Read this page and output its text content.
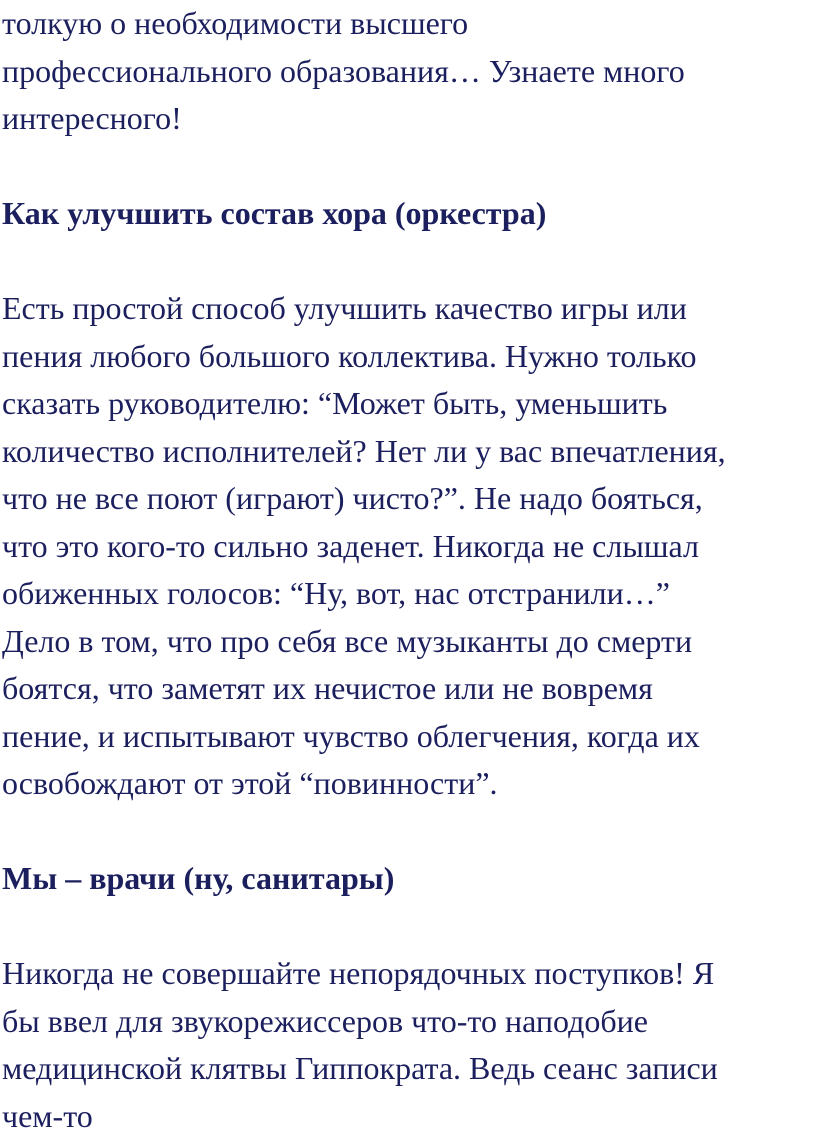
толкую о необходимости высшего
профессионального образования… Узнаете много
интересного!
Как улучшить состав хора (оркестра)
Есть простой способ улучшить качество игры или
пения любого большого коллектива. Нужно только
сказать руководителю: “Может быть, уменьшить
количество исполнителей? Нет ли у вас впечатления,
что не все поют (играют) чисто?”. Не надо бояться,
что это кого-то сильно заденет. Никогда не слышал
обиженных голосов: “Ну, вот, нас отстранили…”
Дело в том, что про себя все музыканты до смерти
боятся, что заметят их нечистое или не вовремя
пение, и испытывают чувство облегчения, когда их
освобождают от этой “повинности”.
Мы – врачи (ну, санитары)
Никогда не совершайте непорядочных поступков! Я
бы ввел для звукорежиссеров что-то наподобие
медицинской клятвы Гиппократа. Ведь сеанс записи
чем-то
